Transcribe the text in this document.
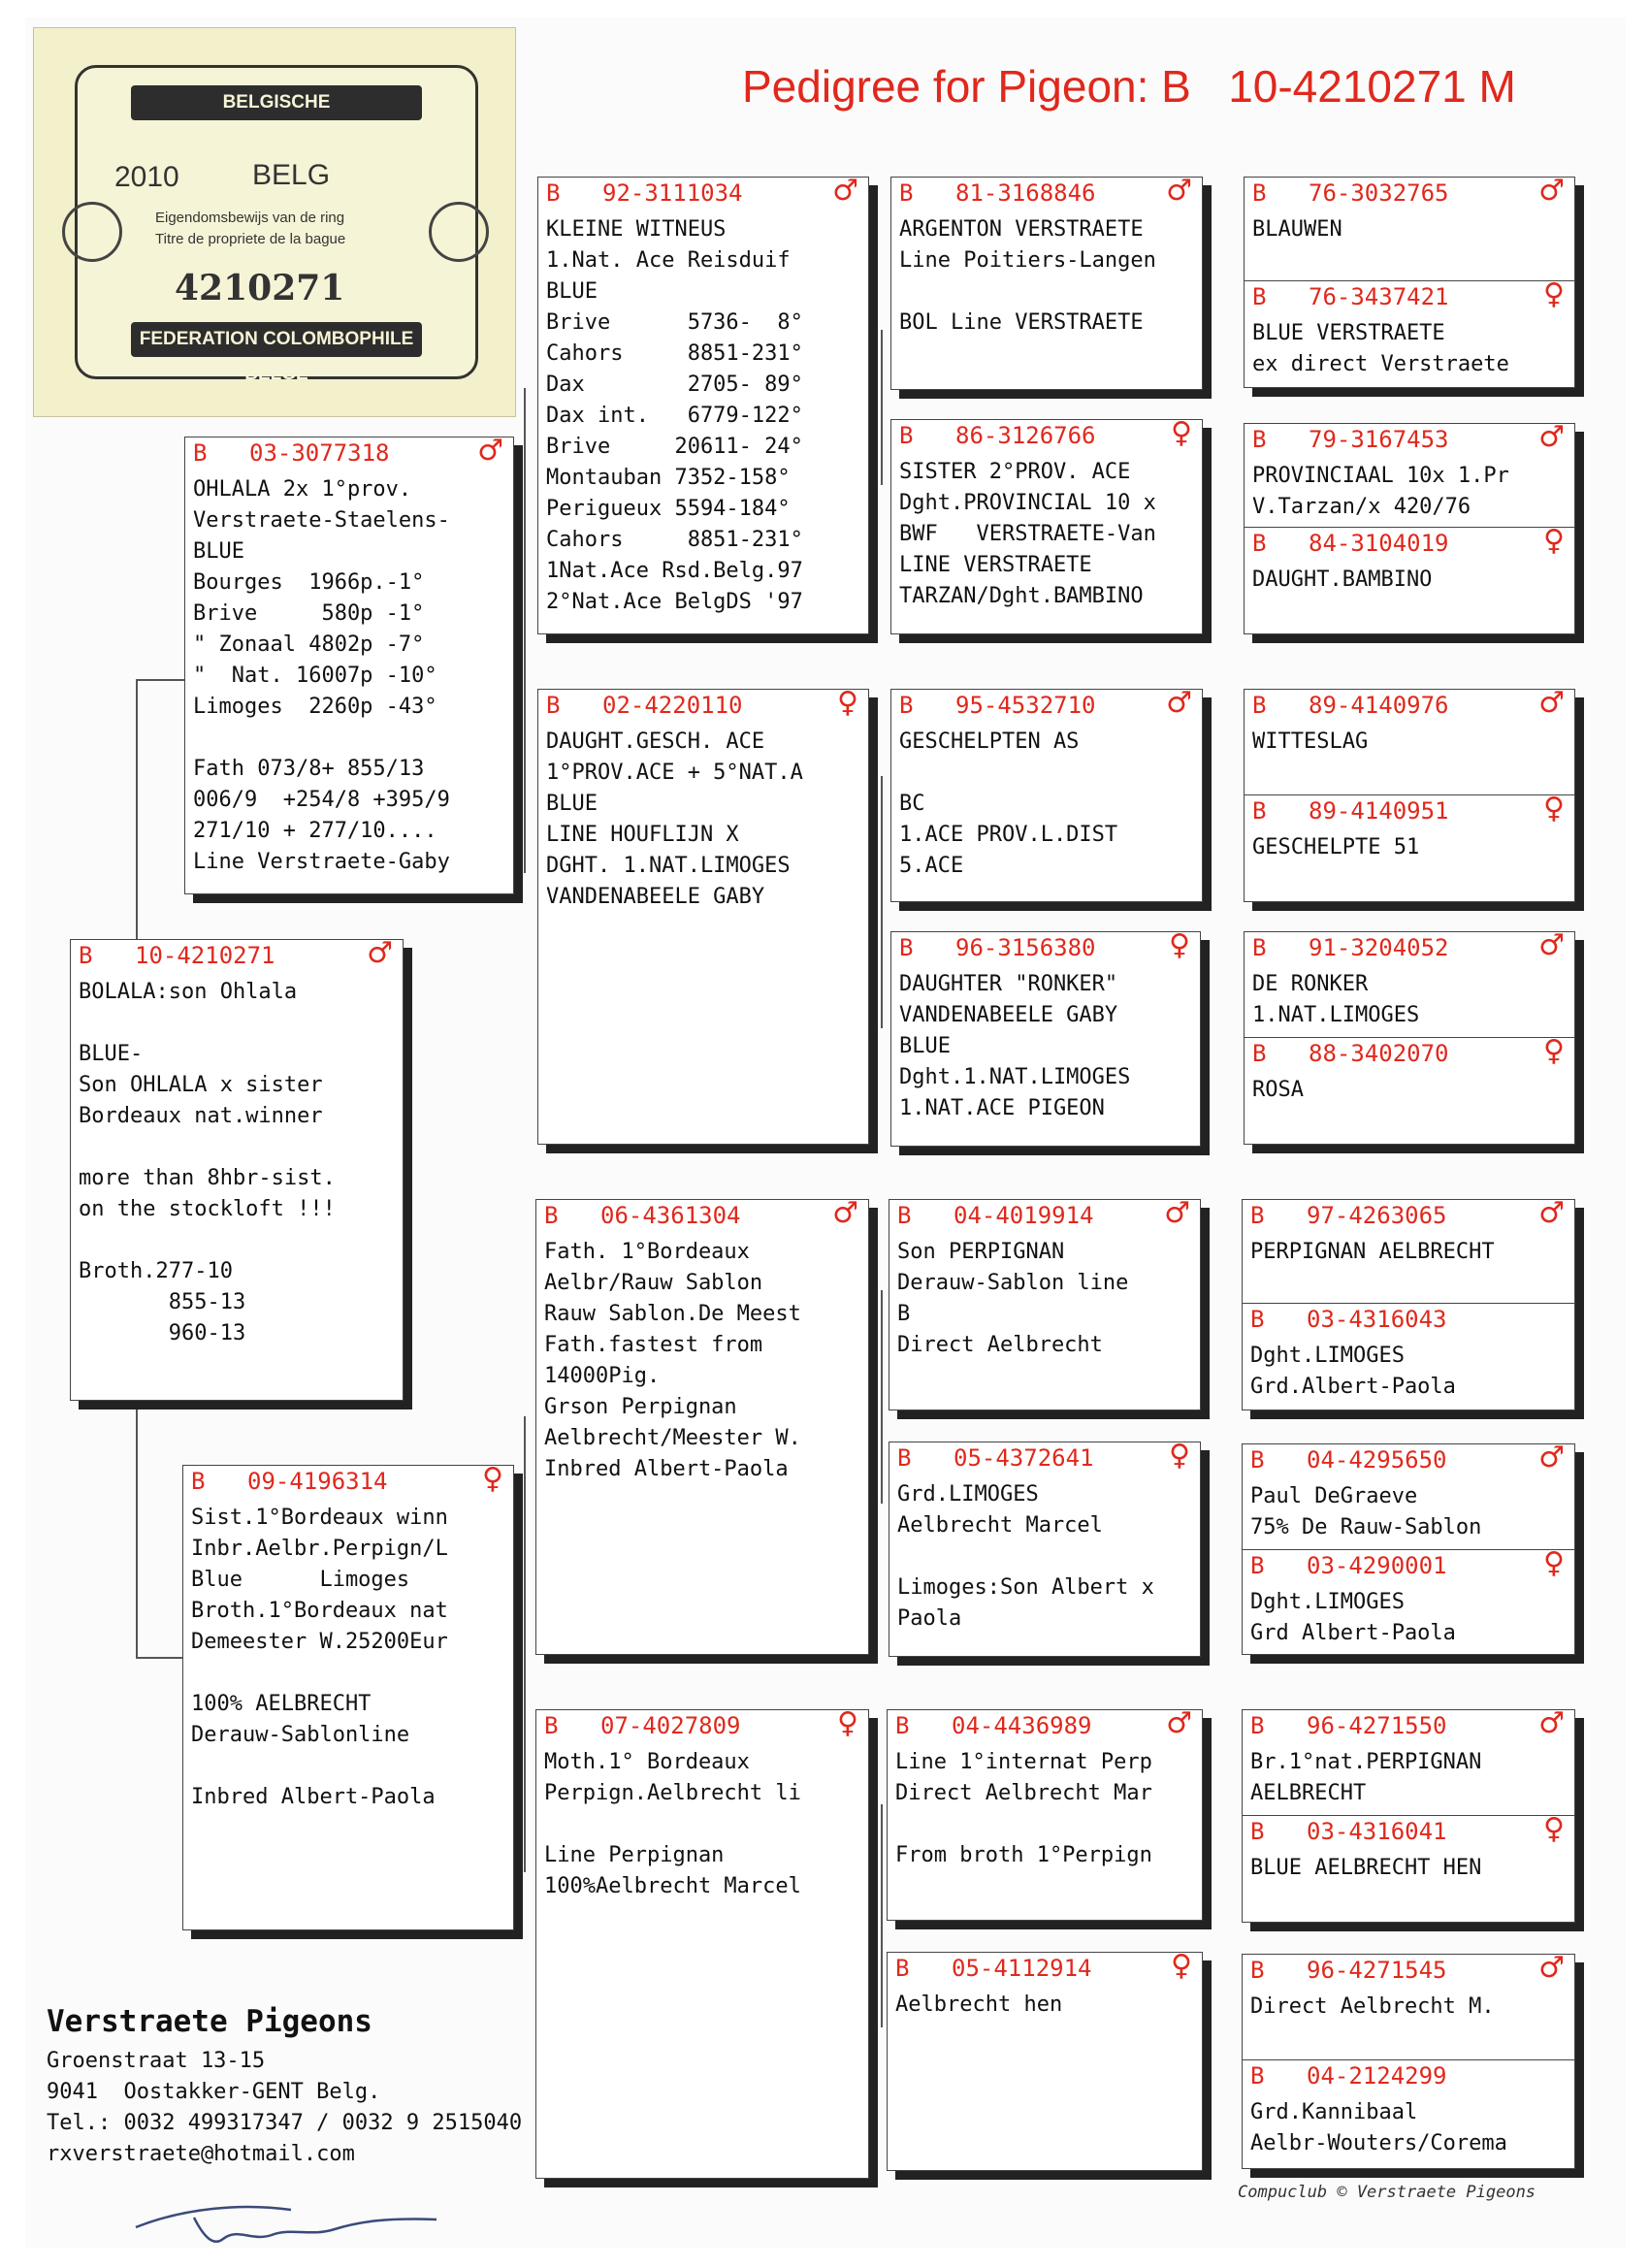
BELGISCHE DUIVENLIEFHEBBERSBOND
2010	BELG
Eigendomsbewijs van de ring
Titre de propriete de la bague
4210271
FEDERATION COLOMBOPHILE BELGE
Pedigree for Pigeon: B   10-4210271 M
B 10-4210271	♂
BOLALA:son Ohlala

BLUE-
Son OHLALA x sister
Bordeaux nat.winner

more than 8hbr-sist.
on the stockloft !!!

Broth.277-10
855-13
960-13
B 03-3077318	♂
OHLALA 2x 1°prov.
Verstraete-Staelens-
BLUE
Bourges  1966p.-1°
Brive     580p -1°
" Zonaal 4802p -7°
"  Nat. 16007p -10°
Limoges  2260p -43°

Fath 073/8+ 855/13
006/9  +254/8 +395/9
271/10 + 277/10....
Line Verstraete-Gaby
B 09-4196314	♀
Sist.1°Bordeaux winn
Inbr.Aelbr.Perpign/L
Blue      Limoges
Broth.1°Bordeaux nat
Demeester W.25200Eur

100% AELBRECHT
Derauw-Sablonline

Inbred Albert-Paola
B 92-3111034	♂
KLEINE WITNEUS
1.Nat. Ace Reisduif
BLUE
Brive      5736-  8°
Cahors     8851-231°
Dax        2705- 89°
Dax int.   6779-122°
Brive     20611- 24°
Montauban 7352-158°
Perigueux 5594-184°
Cahors     8851-231°
1Nat.Ace Rsd.Belg.97
2°Nat.Ace BelgDS '97
B 02-4220110	♀
DAUGHT.GESCH. ACE
1°PROV.ACE + 5°NAT.A
BLUE
LINE HOUFLIJN X
DGHT. 1.NAT.LIMOGES
VANDENABEELE GABY
B 06-4361304	♂
Fath. 1°Bordeaux
Aelbr/Rauw Sablon
Rauw Sablon.De Meest
Fath.fastest from
14000Pig.
Grson Perpignan
Aelbrecht/Meester W.
Inbred Albert-Paola
B 07-4027809	♀
Moth.1° Bordeaux
Perpign.Aelbrecht li

Line Perpignan
100%Aelbrecht Marcel
B 81-3168846 ♂
ARGENTON VERSTRAETE
Line Poitiers-Langen

BOL Line VERSTRAETE
B 86-3126766	♀
SISTER 2°PROV. ACE
Dght.PROVINCIAL 10 x
BWF   VERSTRAETE-Van
LINE VERSTRAETE
TARZAN/Dght.BAMBINO
B 95-4532710 ♂
GESCHELPTEN AS

BC
1.ACE PROV.L.DIST
5.ACE
B 96-3156380	♀
DAUGHTER "RONKER"
VANDENABEELE GABY
BLUE
Dght.1.NAT.LIMOGES
1.NAT.ACE PIGEON
B 04-4019914 ♂
Son PERPIGNAN
Derauw-Sablon line
B
Direct Aelbrecht
B 05-4372641	♀
Grd.LIMOGES
Aelbrecht Marcel

Limoges:Son Albert x
Paola
B 04-4436989	♂
Line 1°internat Perp
Direct Aelbrecht Mar

From broth 1°Perpign
B 05-4112914	♀
Aelbrecht hen
B 76-3032765	♂
BLAUWEN
B 76-3437421	♀
BLUE VERSTRAETE
ex direct Verstraete
B 79-3167453	♂
PROVINCIAAL 10x 1.Pr
V.Tarzan/x 420/76
B 84-3104019	♀
DAUGHT.BAMBINO
B 89-4140976	♂
WITTESLAG
B 89-4140951	♀
GESCHELPTE 51
B 91-3204052	♂
DE RONKER
1.NAT.LIMOGES
B 88-3402070	♀
ROSA
B 97-4263065	♂
PERPIGNAN AELBRECHT
B 03-4316043
Dght.LIMOGES
Grd.Albert-Paola
B 04-4295650	♂
Paul DeGraeve
75% De Rauw-Sablon
B 03-4290001	♀
Dght.LIMOGES
Grd Albert-Paola
B 96-4271550	♂
Br.1°nat.PERPIGNAN
AELBRECHT
B 03-4316041	♀
BLUE AELBRECHT HEN
B 96-4271545	♂
Direct Aelbrecht M.
B 04-2124299
Grd.Kannibaal
Aelbr-Wouters/Corema
Verstraete Pigeons
Groenstraat 13-15
9041  Oostakker-GENT Belg.
Tel.: 0032 499317347 / 0032 9 2515040
rxverstraete@hotmail.com
Compuclub © Verstraete Pigeons
